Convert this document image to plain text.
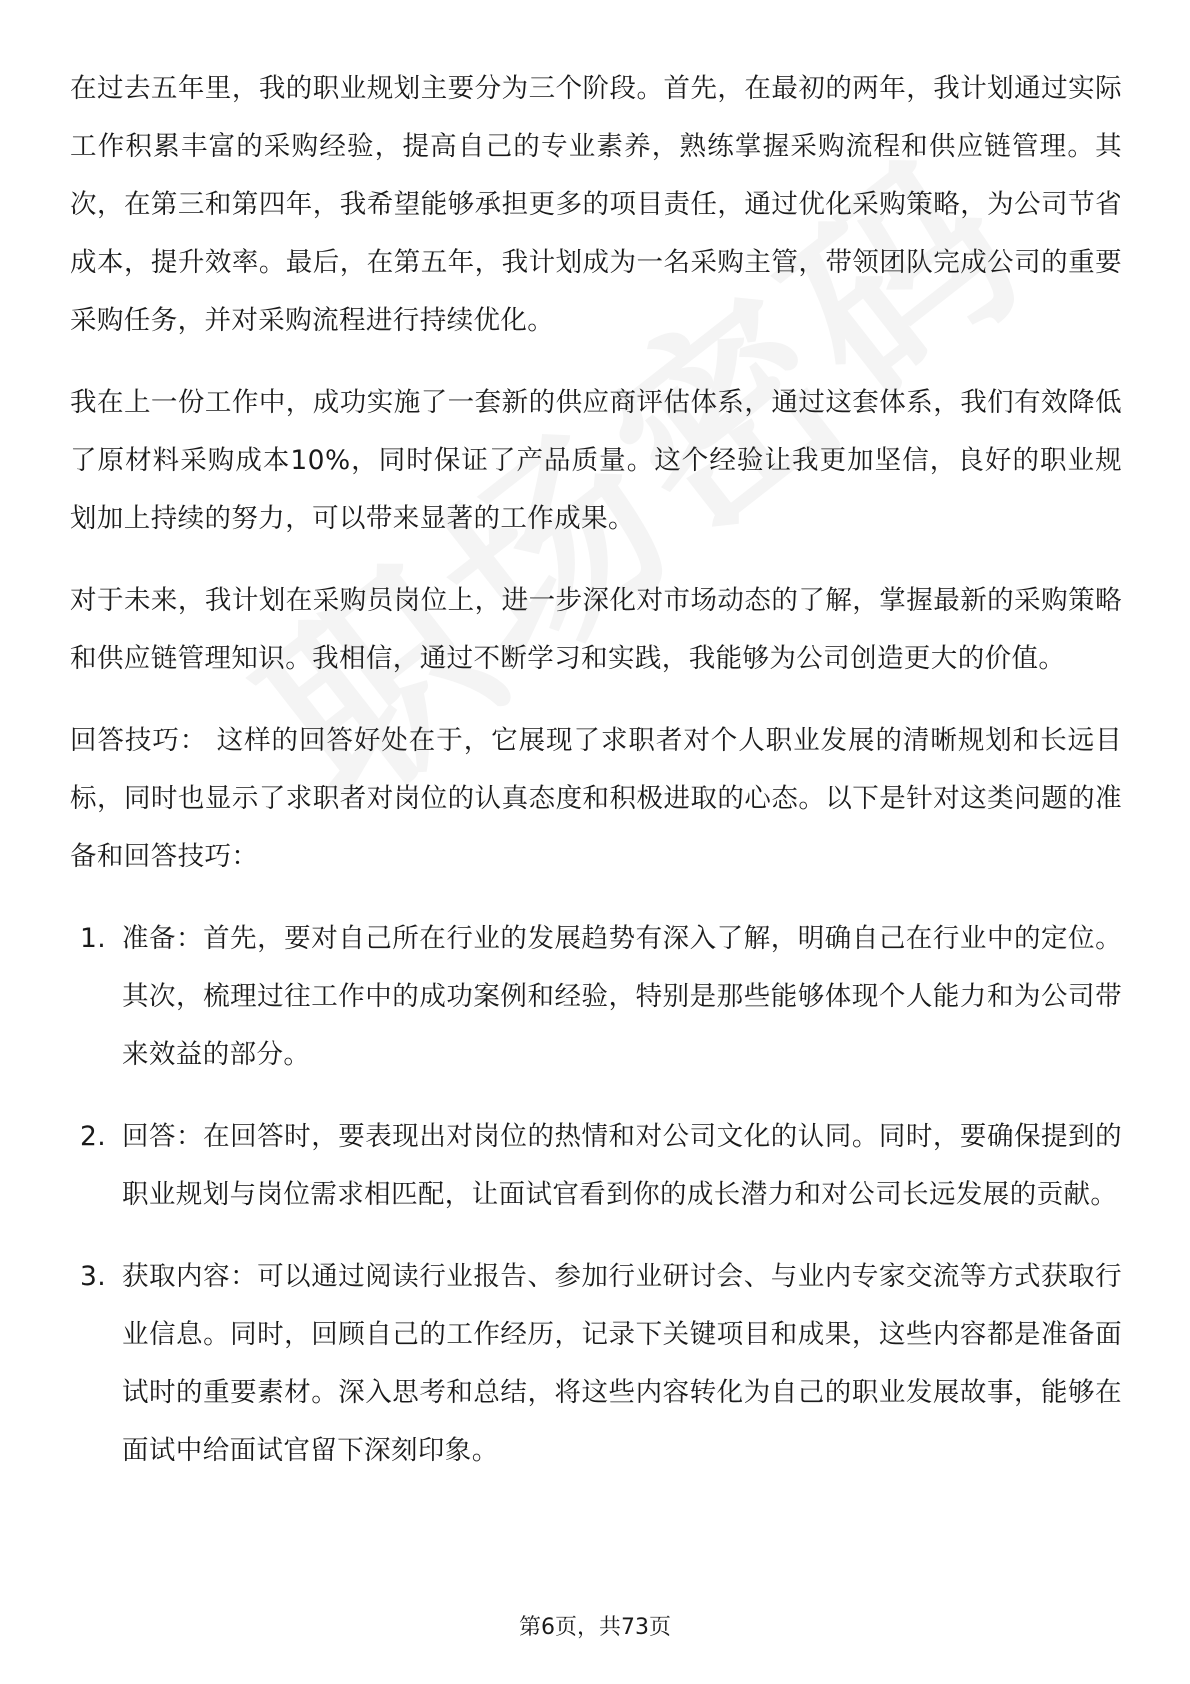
在过去五年里，我的职业规划主要分为三个阶段。首先，在最初的两年，我计划通过实际工作积累丰富的采购经验，提高自己的专业素养，熟练掌握采购流程和供应链管理。其次，在第三和第四年，我希望能够承担更多的项目责任，通过优化采购策略，为公司节省成本，提升效率。最后，在第五年，我计划成为一名采购主管，带领团队完成公司的重要采购任务，并对采购流程进行持续优化。

我在上一份工作中，成功实施了一套新的供应商评估体系，通过这套体系，我们有效降低了原材料采购成本10%，同时保证了产品质量。这个经验让我更加坚信，良好的职业规划加上持续的努力，可以带来显著的工作成果。

对于未来，我计划在采购员岗位上，进一步深化对市场动态的了解，掌握最新的采购策略和供应链管理知识。我相信，通过不断学习和实践，我能够为公司创造更大的价值。

回答技巧： 这样的回答好处在于，它展现了求职者对个人职业发展的清晰规划和长远目标，同时也显示了求职者对岗位的认真态度和积极进取的心态。以下是针对这类问题的准备和回答技巧：

1. 准备：首先，要对自己所在行业的发展趋势有深入了解，明确自己在行业中的定位。其次，梳理过往工作中的成功案例和经验，特别是那些能够体现个人能力和为公司带来效益的部分。
2. 回答：在回答时，要表现出对岗位的热情和对公司文化的认同。同时，要确保提到的职业规划与岗位需求相匹配，让面试官看到你的成长潜力和对公司长远发展的贡献。
3. 获取内容：可以通过阅读行业报告、参加行业研讨会、与业内专家交流等方式获取行业信息。同时，回顾自己的工作经历，记录下关键项目和成果，这些内容都是准备面试时的重要素材。深入思考和总结，将这些内容转化为自己的职业发展故事，能够在面试中给面试官留下深刻印象。
第6页，共73页
